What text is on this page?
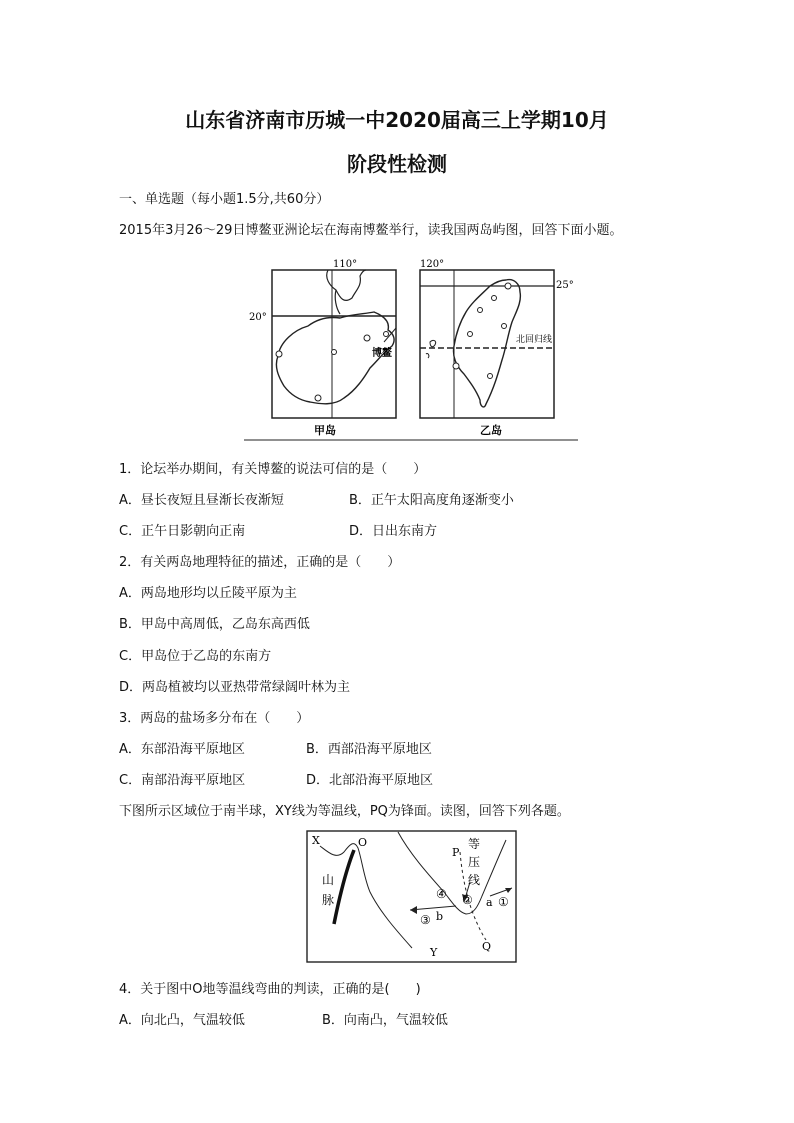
山东省济南市历城一中2020届高三上学期10月
阶段性检测
一、单选题（每小题1.5分,共60分）
2015年3月26～29日博鳌亚洲论坛在海南博鳌举行，读我国两岛屿图，回答下面小题。
110°
20°
博鳌
甲岛
120°
25°
北回归线
乙岛
1．论坛举办期间，有关博鳌的说法可信的是（　　）
A．昼长夜短且昼渐长夜渐短	B．正午太阳高度角逐渐变小
C．正午日影朝向正南	D．日出东南方
2．有关两岛地理特征的描述，正确的是（　　）
A．两岛地形均以丘陵平原为主
B．甲岛中高周低，乙岛东高西低
C．甲岛位于乙岛的东南方
D．两岛植被均以亚热带常绿阔叶林为主
3．两岛的盐场多分布在（　　）
A．东部沿海平原地区	B．西部沿海平原地区
C．南部沿海平原地区	D．北部沿海平原地区
下图所示区域位于南半球，XY线为等温线，PQ为锋面。读图，回答下列各题。
X	O
Y
P
Q
山
脉
等
压
线
a
b
①
②
③
④
4．关于图中O地等温线弯曲的判读，正确的是(　　)
A．向北凸，气温较低	B．向南凸，气温较低
